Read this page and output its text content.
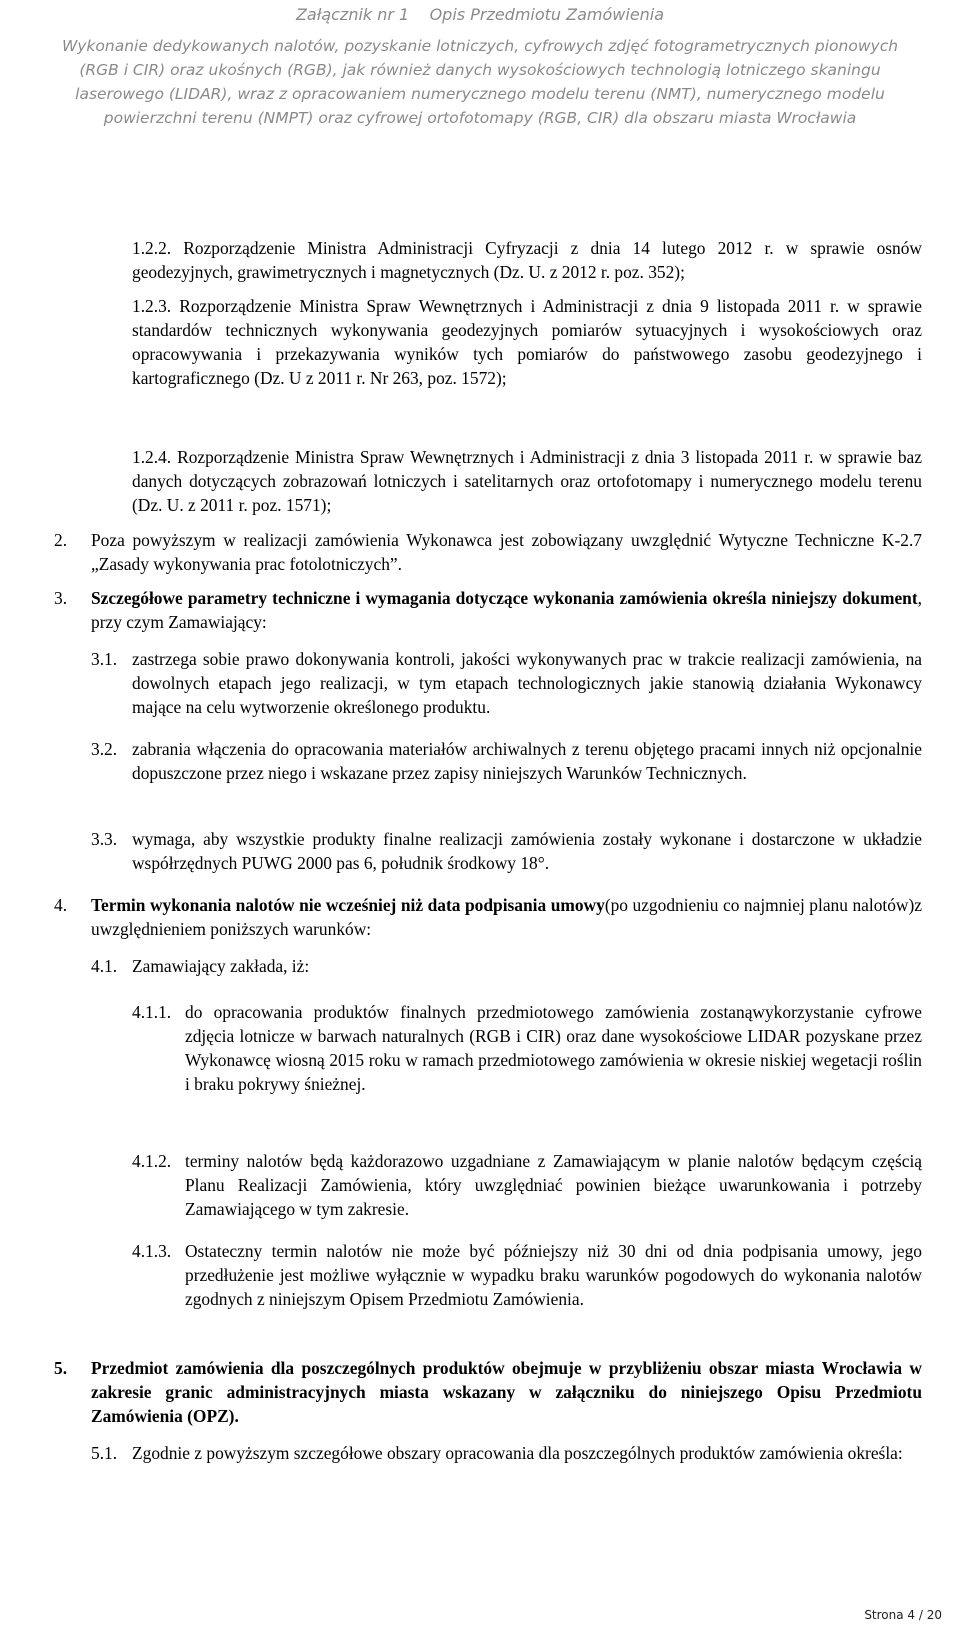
Załącznik nr 1    Opis Przedmiotu Zamówienia
Wykonanie dedykowanych nalotów, pozyskanie lotniczych, cyfrowych zdjęć fotogrametrycznych pionowych
(RGB i CIR) oraz ukośnych (RGB), jak również danych wysokościowych technologią lotniczego skaningu
laserowego (LIDAR), wraz z opracowaniem numerycznego modelu terenu (NMT), numerycznego modelu
powierzchni terenu (NMPT) oraz cyfrowej ortofotomapy (RGB, CIR) dla obszaru miasta Wrocławia
1.2.2. Rozporządzenie Ministra Administracji Cyfryzacji z dnia 14 lutego 2012 r. w sprawie osnów geodezyjnych, grawimetrycznych i magnetycznych (Dz. U. z 2012 r. poz. 352);
1.2.3. Rozporządzenie Ministra Spraw Wewnętrznych i Administracji z dnia 9 listopada 2011 r. w sprawie standardów technicznych wykonywania geodezyjnych pomiarów sytuacyjnych i wysokościowych oraz opracowywania i przekazywania wyników tych pomiarów do państwowego zasobu geodezyjnego i kartograficznego (Dz. U z 2011 r. Nr 263, poz. 1572);
1.2.4. Rozporządzenie Ministra Spraw Wewnętrznych i Administracji z dnia 3 listopada 2011 r. w sprawie baz danych dotyczących zobrazowań lotniczych i satelitarnych oraz ortofotomapy i numerycznego modelu terenu (Dz. U. z 2011 r. poz. 1571);
2. Poza powyższym w realizacji zamówienia Wykonawca jest zobowiązany uwzględnić Wytyczne Techniczne K-2.7 „Zasady wykonywania prac fotolotniczych”.
3. Szczegółowe parametry techniczne i wymagania dotyczące wykonania zamówienia określa niniejszy dokument, przy czym Zamawiający:
3.1. zastrzega sobie prawo dokonywania kontroli, jakości wykonywanych prac w trakcie realizacji zamówienia, na dowolnych etapach jego realizacji, w tym etapach technologicznych jakie stanowią działania Wykonawcy mające na celu wytworzenie określonego produktu.
3.2. zabrania włączenia do opracowania materiałów archiwalnych z terenu objętego pracami innych niż opcjonalnie dopuszczone przez niego i wskazane przez zapisy niniejszych Warunków Technicznych.
3.3. wymaga, aby wszystkie produkty finalne realizacji zamówienia zostały wykonane i dostarczone w układzie współrzędnych PUWG 2000 pas 6, południk środkowy 18°.
4. Termin wykonania nalotów nie wcześniej niż data podpisania umowy(po uzgodnieniu co najmniej planu nalotów)z uwzględnieniem poniższych warunków:
4.1. Zamawiający zakłada, iż:
4.1.1. do opracowania produktów finalnych przedmiotowego zamówienia zostanąwykorzystanie cyfrowe zdjęcia lotnicze w barwach naturalnych (RGB i CIR) oraz dane wysokościowe LIDAR pozyskane przez Wykonawcę wiosną 2015 roku w ramach przedmiotowego zamówienia w okresie niskiej wegetacji roślin i braku pokrywy śnieżnej.
4.1.2. terminy nalotów będą każdorazowo uzgadniane z Zamawiającym w planie nalotów będącym częścią Planu Realizacji Zamówienia, który uwzględniać powinien bieżące uwarunkowania i potrzeby Zamawiającego w tym zakresie.
4.1.3. Ostateczny termin nalotów nie może być późniejszy niż 30 dni od dnia podpisania umowy, jego przedłużenie jest możliwe wyłącznie w wypadku braku warunków pogodowych do wykonania nalotów zgodnych z niniejszym Opisem Przedmiotu Zamówienia.
5. Przedmiot zamówienia dla poszczególnych produktów obejmuje w przybliżeniu obszar miasta Wrocławia w zakresie granic administracyjnych miasta wskazany w załączniku do niniejszego Opisu Przedmiotu Zamówienia (OPZ).
5.1. Zgodnie z powyższym szczegółowe obszary opracowania dla poszczególnych produktów zamówienia określa:
Strona 4 / 20
